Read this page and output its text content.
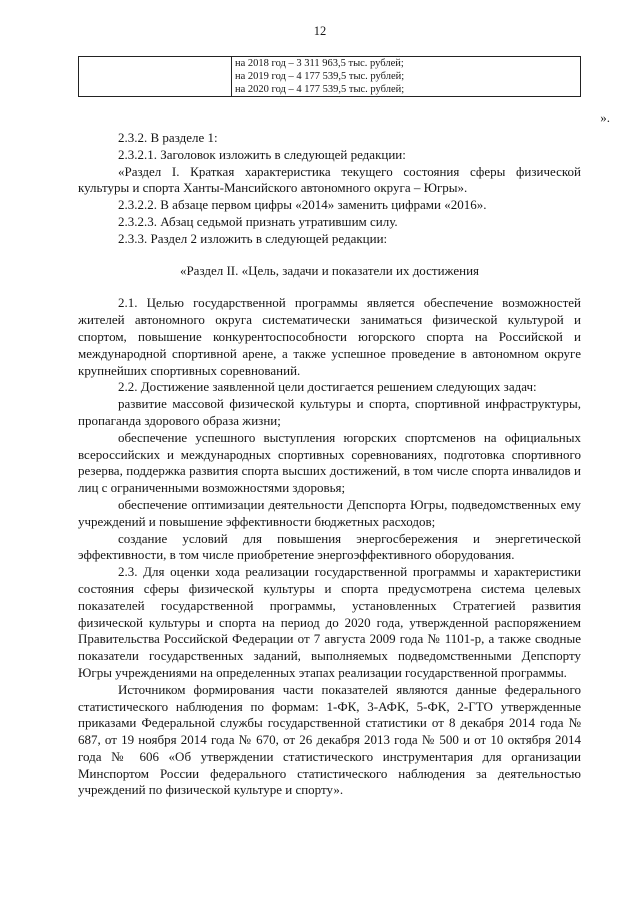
12

на 2018 год – 3 311 963,5 тыс. рублей;
на 2019 год – 4 177 539,5 тыс. рублей;
на 2020 год – 4 177 539,5 тыс. рублей;
».

2.3.2. В разделе 1:

2.3.2.1. Заголовок изложить в следующей редакции:

«Раздел I. Краткая характеристика текущего состояния сферы физической культуры и спорта Ханты-Мансийского автономного округа – Югры».

2.3.2.2. В абзаце первом цифры «2014» заменить цифрами «2016».

2.3.2.3. Абзац седьмой признать утратившим силу.

2.3.3. Раздел 2 изложить в следующей редакции:

«Раздел II. «Цель, задачи и показатели их достижения

2.1. Целью государственной программы является обеспечение возможностей жителей автономного округа систематически заниматься физической культурой и спортом, повышение конкурентоспособности югорского спорта на Российской и международной спортивной арене, а также успешное проведение в автономном округе крупнейших спортивных соревнований.

2.2. Достижение заявленной цели достигается решением следующих задач:

развитие массовой физической культуры и спорта, спортивной инфраструктуры, пропаганда здорового образа жизни;

обеспечение успешного выступления югорских спортсменов на официальных всероссийских и международных спортивных соревнованиях, подготовка спортивного резерва, поддержка развития спорта высших достижений, в том числе спорта инвалидов и лиц с ограниченными возможностями здоровья;

обеспечение оптимизации деятельности Депспорта Югры, подведомственных ему учреждений и повышение эффективности бюджетных расходов;

создание условий для повышения энергосбережения и энергетической эффективности, в том числе приобретение энергоэффективного оборудования.

2.3. Для оценки хода реализации государственной программы и характеристики состояния сферы физической культуры и спорта предусмотрена система целевых показателей государственной программы, установленных Стратегией развития физической культуры и спорта на период до 2020 года, утвержденной распоряжением Правительства Российской Федерации от 7 августа 2009 года № 1101-р, а также сводные показатели государственных заданий, выполняемых подведомственными Депспорту Югры учреждениями на определенных этапах реализации государственной программы.

Источником формирования части показателей являются данные федерального статистического наблюдения по формам: 1-ФК, 3-АФК, 5-ФК, 2-ГТО утвержденные приказами Федеральной службы государственной статистики от 8 декабря 2014 года № 687, от 19 ноября 2014 года № 670, от 26 декабря 2013 года № 500 и от 10 октября 2014 года № 606 «Об утверждении статистического инструментария для организации Минспортом России федерального статистического наблюдения за деятельностью учреждений по физической культуре и спорту».
